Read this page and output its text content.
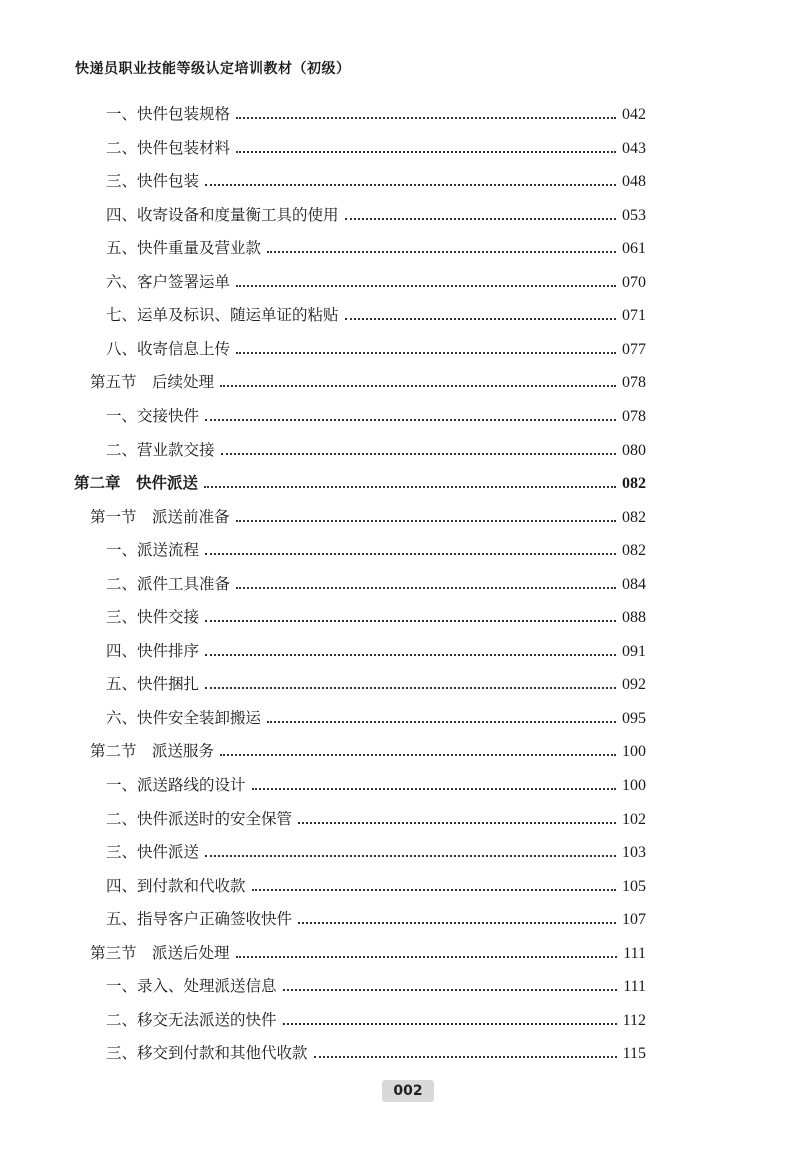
快递员职业技能等级认定培训教材（初级）
一、快件包装规格	042
二、快件包装材料	043
三、快件包装	048
四、收寄设备和度量衡工具的使用	053
五、快件重量及营业款	061
六、客户签署运单	070
七、运单及标识、随运单证的粘贴	071
八、收寄信息上传	077
第五节　后续处理	078
一、交接快件	078
二、营业款交接	080
第二章　快件派送	082
第一节　派送前准备	082
一、派送流程	082
二、派件工具准备	084
三、快件交接	088
四、快件排序	091
五、快件捆扎	092
六、快件安全装卸搬运	095
第二节　派送服务	100
一、派送路线的设计	100
二、快件派送时的安全保管	102
三、快件派送	103
四、到付款和代收款	105
五、指导客户正确签收快件	107
第三节　派送后处理	111
一、录入、处理派送信息	111
二、移交无法派送的快件	112
三、移交到付款和其他代收款	115
002
